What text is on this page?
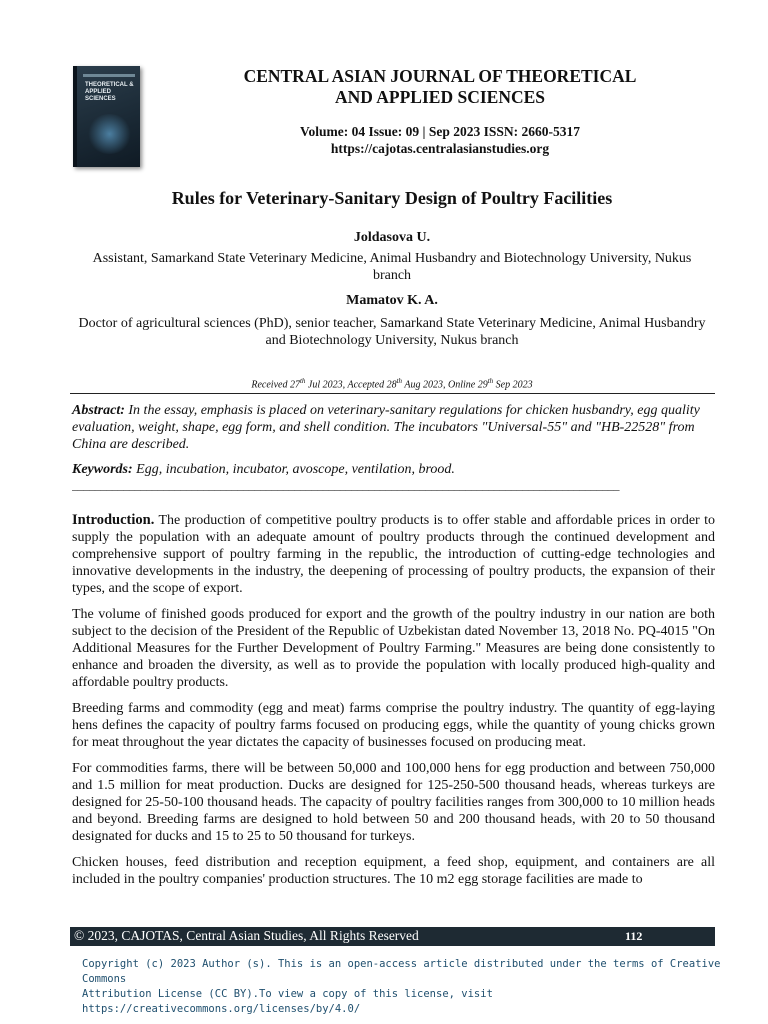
THEORETICAL &
APPLIED
SCIENCES
CENTRAL ASIAN JOURNAL OF THEORETICAL
AND APPLIED SCIENCES
Volume: 04 Issue: 09 | Sep 2023 ISSN: 2660-5317
https://cajotas.centralasianstudies.org
Rules for Veterinary-Sanitary Design of Poultry Facilities
Joldasova U.
Assistant, Samarkand State Veterinary Medicine, Animal Husbandry and Biotechnology University, Nukus branch
Mamatov K. A.
Doctor of agricultural sciences (PhD), senior teacher, Samarkand State Veterinary Medicine, Animal Husbandry and Biotechnology University, Nukus branch
Received 27th Jul 2023, Accepted 28th Aug 2023, Online 29th Sep 2023
Abstract: In the essay, emphasis is placed on veterinary-sanitary regulations for chicken husbandry, egg quality evaluation, weight, shape, egg form, and shell condition. The incubators "Universal-55" and "HB-22528" from China are described.
Keywords: Egg, incubation, incubator, avoscope, ventilation, brood.
________________________________________________________________________________________________

Introduction. The production of competitive poultry products is to offer stable and affordable prices in order to supply the population with an adequate amount of poultry products through the continued development and comprehensive support of poultry farming in the republic, the introduction of cutting-edge technologies and innovative developments in the industry, the deepening of processing of poultry products, the expansion of their types, and the scope of export.

The volume of finished goods produced for export and the growth of the poultry industry in our nation are both subject to the decision of the President of the Republic of Uzbekistan dated November 13, 2018 No. PQ-4015 "On Additional Measures for the Further Development of Poultry Farming." Measures are being done consistently to enhance and broaden the diversity, as well as to provide the population with locally produced high-quality and affordable poultry products.

Breeding farms and commodity (egg and meat) farms comprise the poultry industry. The quantity of egg-laying hens defines the capacity of poultry farms focused on producing eggs, while the quantity of young chicks grown for meat throughout the year dictates the capacity of businesses focused on producing meat.

For commodities farms, there will be between 50,000 and 100,000 hens for egg production and between 750,000 and 1.5 million for meat production. Ducks are designed for 125-250-500 thousand heads, whereas turkeys are designed for 25-50-100 thousand heads. The capacity of poultry facilities ranges from 300,000 to 10 million heads and beyond. Breeding farms are designed to hold between 50 and 200 thousand heads, with 20 to 50 thousand designated for ducks and 15 to 25 to 50 thousand for turkeys.

Chicken houses, feed distribution and reception equipment, a feed shop, equipment, and containers are all included in the poultry companies' production structures. The 10 m2 egg storage facilities are made to

© 2023, CAJOTAS, Central Asian Studies, All Rights Reserved	112
Copyright (c) 2023 Author (s). This is an open-access article distributed under the terms of Creative Commons
Attribution License (CC BY).To view a copy of this license, visit https://creativecommons.org/licenses/by/4.0/
